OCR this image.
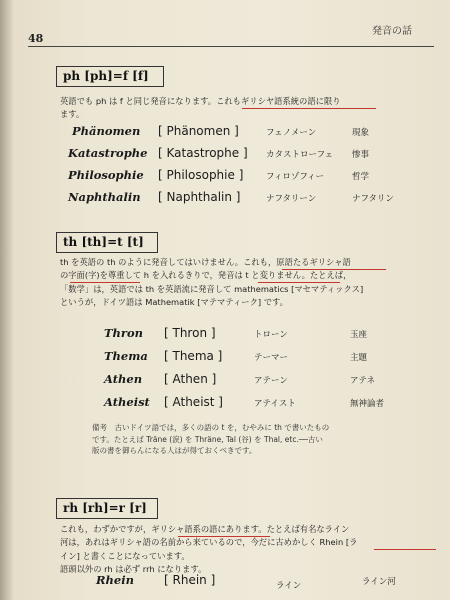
48
発音の話
ph [ph]=f [f]
英語でも ph は f と同じ発音になります。これもギリシヤ語系統の語に限り
ます。
Phänomen [ Phänomen ]	フェノメーン	現象
Katastrophe [ Katastrophe ] カタストローフェ 惨事
Philosophie [ Philosophie ]	フィロゾフィー	哲学
Naphthalin [ Naphthalin ]	ナフタリーン	ナフタリン
th [th]=t [t]
th を英語の th のように発音してはいけません。これも，原語たるギリシャ語
の字面(字)を尊重して h を入れるきりで，発音は t と変りません。たとえば，
「数学」は，英語では th を英語流に発音して mathematics [マセマティックス]
というが，ドイツ語は Mathematik [マテマティーク] です。
Thron [ Thron ]	トローン	玉座
Thema [ Thema ]	テーマー	主題
Athen [ Athen ]	アテーン	アテネ
Atheist [ Atheist ]	アテイスト	無神論者
備考　古いドイツ語では，多くの語の t を，むやみに th で書いたもの
です。たとえば Träne (涙) を Thräne, Tal (谷) を Thal, etc.──古い
版の書を御らんになる人はが得ておくべきです。
rh [rh]=r [r]
これも，わずかですが，ギリシャ語系の語にあります。たとえば有名なライン
河は，あれはギリシャ語の名前から来ているので，今だに古めかしく Rhein [ラ
イン] と書くことになっています。
語頭以外の rh は必ず rrh になります。
Rhein	[ Rhein ]	ライン	ライン河
